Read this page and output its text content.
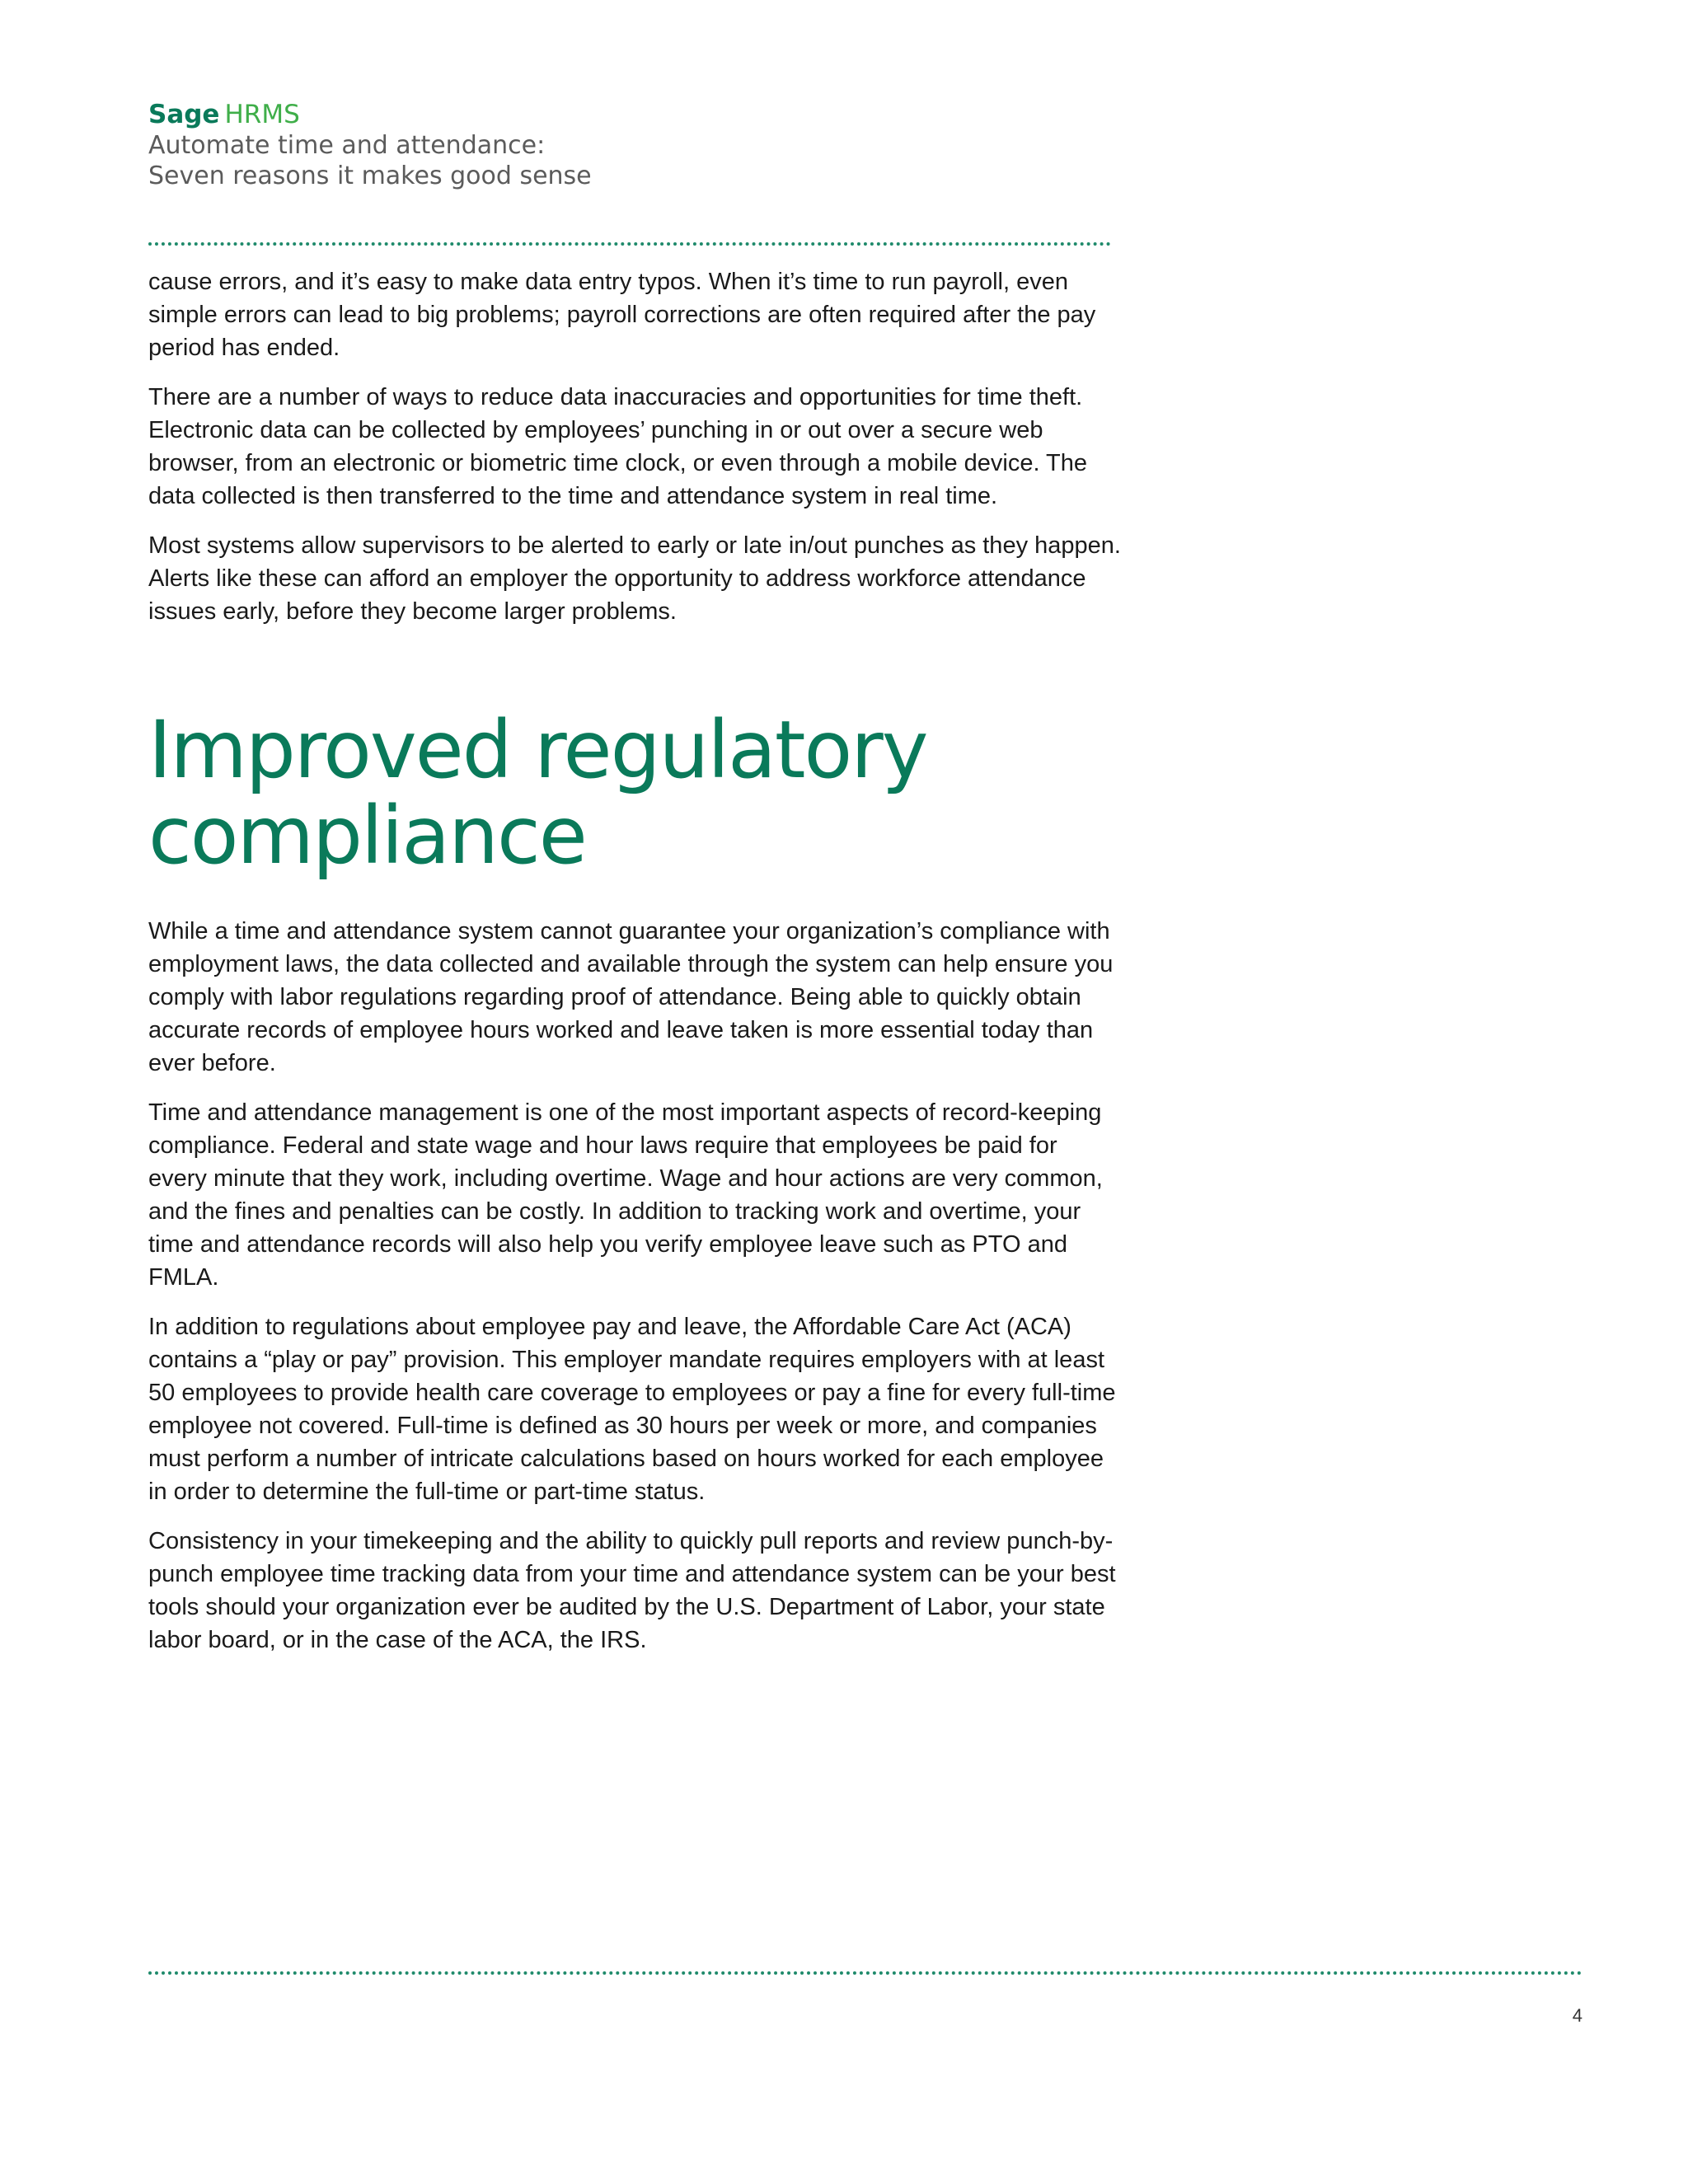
Sage HRMS

Automate time and attendance:

Seven reasons it makes good sense

cause errors, and it’s easy to make data entry typos. When it’s time to run payroll, even simple errors can lead to big problems; payroll corrections are often required after the pay period has ended.

There are a number of ways to reduce data inaccuracies and opportunities for time theft. Electronic data can be collected by employees’ punching in or out over a secure web browser, from an electronic or biometric time clock, or even through a mobile device. The data collected is then transferred to the time and attendance system in real time.

Most systems allow supervisors to be alerted to early or late in/out punches as they happen. Alerts like these can afford an employer the opportunity to address workforce attendance issues early, before they become larger problems.

Improved regulatory
compliance

While a time and attendance system cannot guarantee your organization’s compliance with employment laws, the data collected and available through the system can help ensure you comply with labor regulations regarding proof of attendance. Being able to quickly obtain accurate records of employee hours worked and leave taken is more essential today than ever before.

Time and attendance management is one of the most important aspects of record-keeping compliance. Federal and state wage and hour laws require that employees be paid for every minute that they work, including overtime. Wage and hour actions are very common, and the fines and penalties can be costly. In addition to tracking work and overtime, your time and attendance records will also help you verify employee leave such as PTO and FMLA.

In addition to regulations about employee pay and leave, the Affordable Care Act (ACA) contains a “play or pay” provision. This employer mandate requires employers with at least 50 employees to provide health care coverage to employees or pay a fine for every full-time employee not covered. Full-time is defined as 30 hours per week or more, and companies must perform a number of intricate calculations based on hours worked for each employee in order to determine the full-time or part-time status.

Consistency in your timekeeping and the ability to quickly pull reports and review punch-by-punch employee time tracking data from your time and attendance system can be your best tools should your organization ever be audited by the U.S. Department of Labor, your state labor board, or in the case of the ACA, the IRS.

4
